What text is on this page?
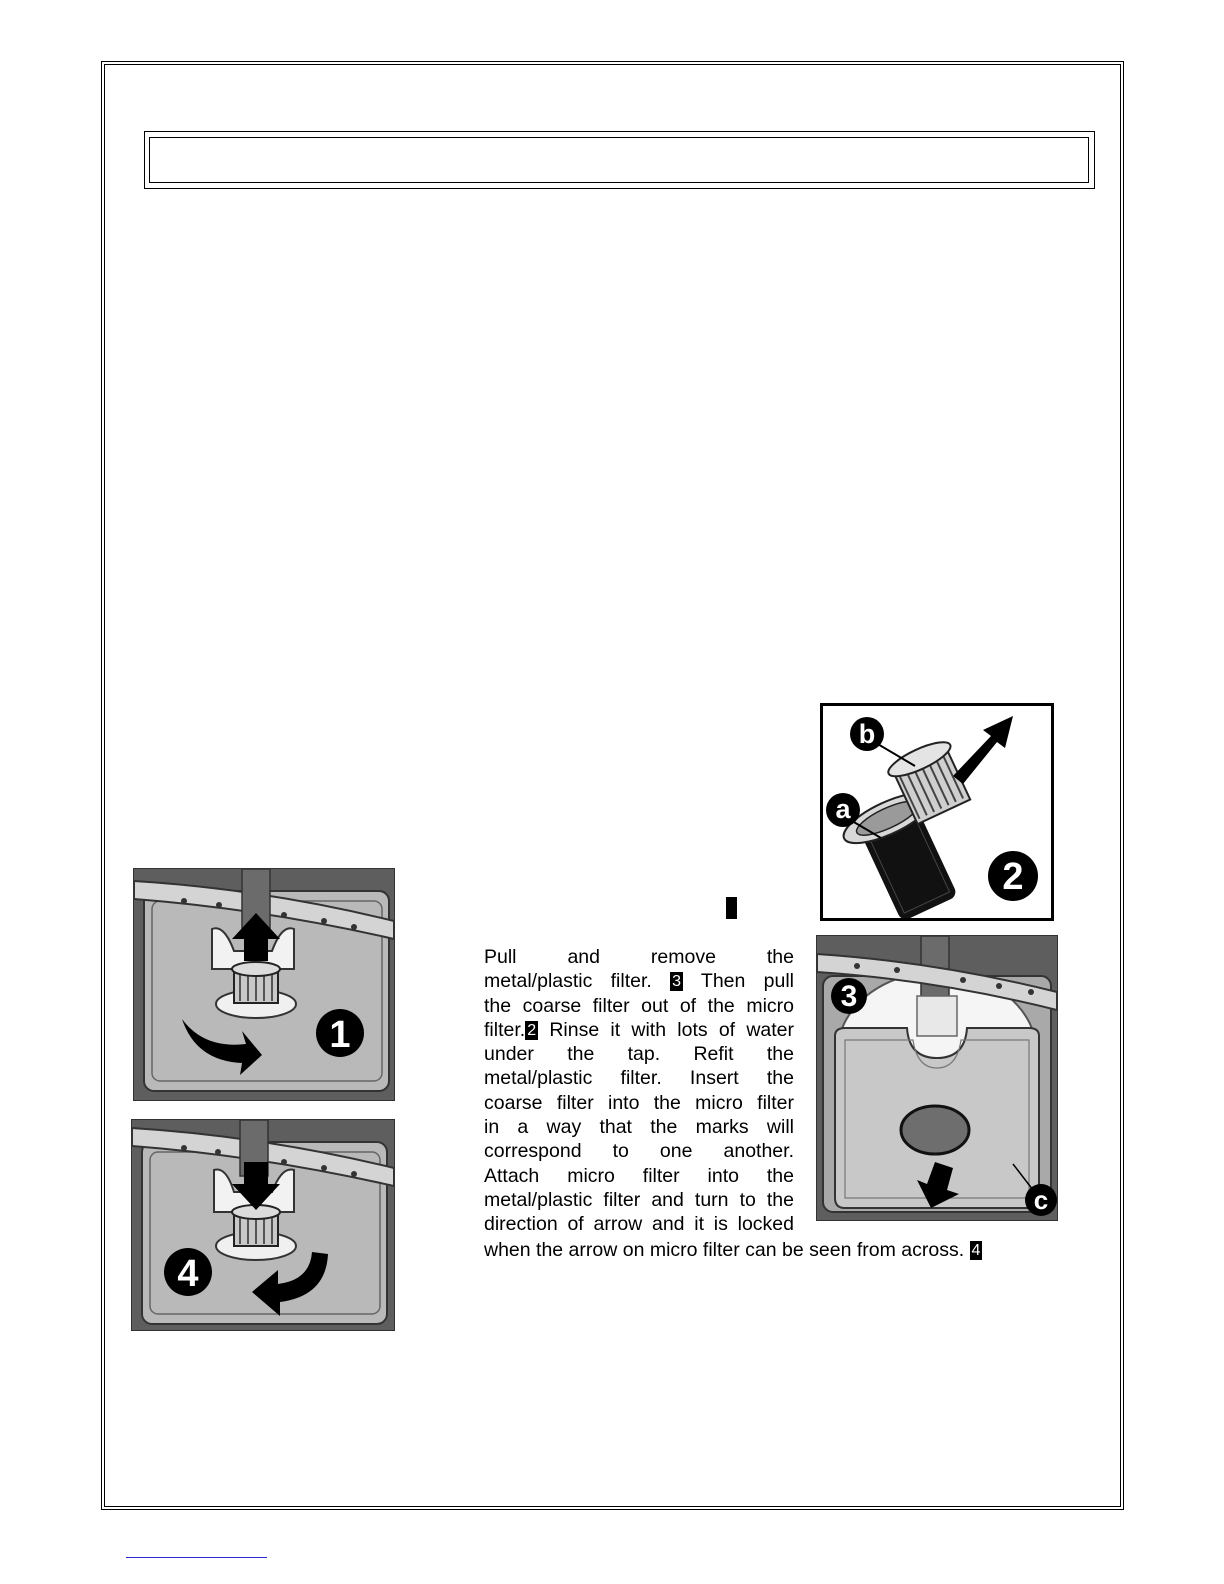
b
a
2
1
4
c
3
Pull and remove the
metal/plastic filter. 3 Then pull
the coarse filter out of the micro
filter. 2 Rinse it with lots of water
under the tap. Refit the
metal/plastic filter. Insert the
coarse filter into the micro filter
in a way that the marks will
correspond to one another.
Attach micro filter into the
metal/plastic filter and turn to the
direction of arrow and it is locked
when the arrow on micro filter can be seen from across. 4
